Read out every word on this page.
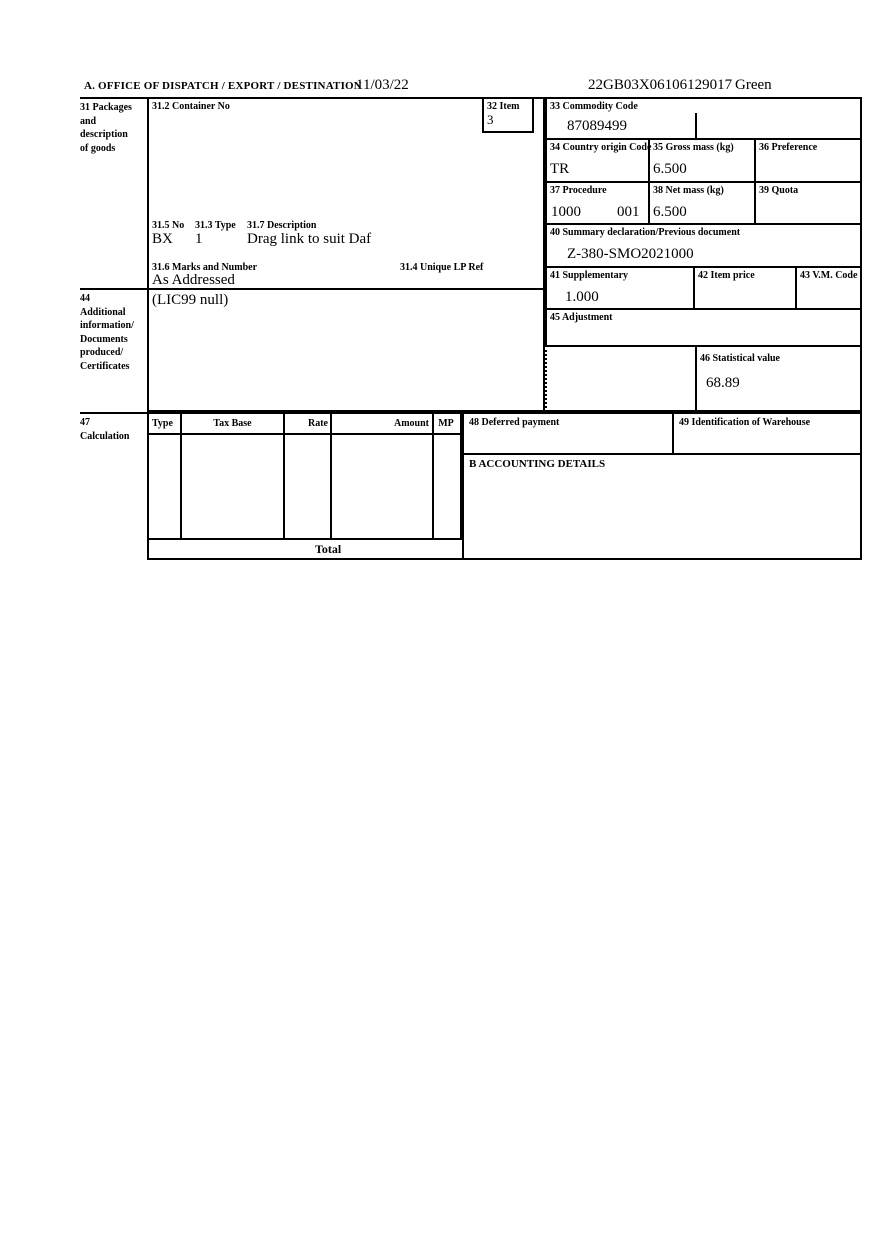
A. OFFICE OF DISPATCH / EXPORT / DESTINATION
11/03/22	22GB03X06106129017 Green
31 Packages
and
description
of goods
31.2 Container No
31.5 No 31.3 Type 31.7 Description
BX 1	Drag link to suit Daf
31.6 Marks and Number	31.4 Unique LP Ref
As Addressed
32 Item
3
33 Commodity Code
87089499
34 Country origin Code
TR
35 Gross mass (kg)
6.500
36 Preference
37 Procedure
1000 001
38 Net mass (kg)
6.500
39 Quota
40 Summary declaration/Previous document
Z-380-SMO2021000
41 Supplementary
1.000
42 Item price	43 V.M. Code
44
Additional
information/
Documents
produced/
Certificates
(LIC99 null)
45 Adjustment
46 Statistical value
68.89
47
Calculation
Type	Tax Base	Rate	Amount MP
Total
48 Deferred payment	49 Identification of Warehouse
B ACCOUNTING DETAILS
